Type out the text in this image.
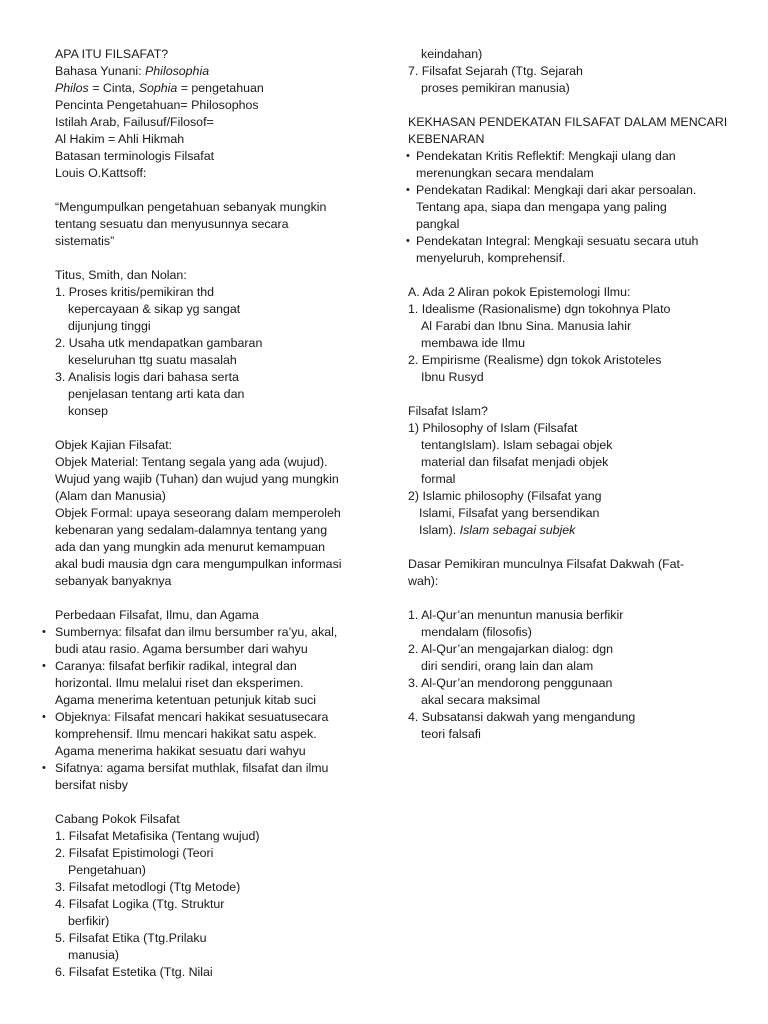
APA ITU FILSAFAT?
Bahasa Yunani: Philosophia
Philos = Cinta, Sophia = pengetahuan
Pencinta Pengetahuan= Philosophos
Istilah Arab, Failusuf/Filosof=
Al Hakim = Ahli Hikmah
Batasan terminologis Filsafat
Louis O.Kattsoff:
“Mengumpulkan pengetahuan sebanyak mungkin
tentang sesuatu dan menyusunnya secara
sistematis”
Titus, Smith, dan Nolan:
1. Proses kritis/pemikiran thd
kepercayaan & sikap yg sangat
dijunjung tinggi
2. Usaha utk mendapatkan gambaran
keseluruhan ttg suatu masalah
3. Analisis logis dari bahasa serta
penjelasan tentang arti kata dan
konsep
Objek Kajian Filsafat:
Objek Material: Tentang segala yang ada (wujud).
Wujud yang wajib (Tuhan) dan wujud yang mungkin
(Alam dan Manusia)
Objek Formal: upaya seseorang dalam memperoleh
kebenaran yang sedalam-dalamnya tentang yang
ada dan yang mungkin ada menurut kemampuan
akal budi mausia dgn cara mengumpulkan informasi
sebanyak banyaknya
Perbedaan Filsafat, Ilmu, dan Agama
• Sumbernya: filsafat dan ilmu bersumber ra’yu, akal,
budi atau rasio. Agama bersumber dari wahyu
• Caranya: filsafat berfikir radikal, integral dan
horizontal. Ilmu melalui riset dan eksperimen.
Agama menerima ketentuan petunjuk kitab suci
• Objeknya: Filsafat mencari hakikat sesuatusecara
komprehensif. Ilmu mencari hakikat satu aspek.
Agama menerima hakikat sesuatu dari wahyu
• Sifatnya: agama bersifat muthlak, filsafat dan ilmu
bersifat nisby
Cabang Pokok Filsafat
1. Filsafat Metafisika (Tentang wujud)
2. Filsafat Epistimologi (Teori
Pengetahuan)
3. Filsafat metodlogi (Ttg Metode)
4. Filsafat Logika (Ttg. Struktur
berfikir)
5. Filsafat Etika (Ttg.Prilaku
manusia)
6. Filsafat Estetika (Ttg. Nilai
keindahan)
7. Filsafat Sejarah (Ttg. Sejarah
proses pemikiran manusia)
KEKHASAN PENDEKATAN FILSAFAT DALAM MENCARI
KEBENARAN
• Pendekatan Kritis Reflektif: Mengkaji ulang dan
merenungkan secara mendalam
• Pendekatan Radikal: Mengkaji dari akar persoalan.
Tentang apa, siapa dan mengapa yang paling
pangkal
• Pendekatan Integral: Mengkaji sesuatu secara utuh
menyeluruh, komprehensif.
A. Ada 2 Aliran pokok Epistemologi Ilmu:
1. Idealisme (Rasionalisme) dgn tokohnya Plato
Al Farabi dan Ibnu Sina. Manusia lahir
membawa ide Ilmu
2. Empirisme (Realisme) dgn tokok Aristoteles
Ibnu Rusyd
Filsafat Islam?
1) Philosophy of Islam (Filsafat
tentangIslam). Islam sebagai objek
material dan filsafat menjadi objek
formal
2) Islamic philosophy (Filsafat yang
Islami, Filsafat yang bersendikan
Islam). Islam sebagai subjek
Dasar Pemikiran munculnya Filsafat Dakwah (Fat-
wah):
1. Al-Qur’an menuntun manusia berfikir
mendalam (filosofis)
2. Al-Qur’an mengajarkan dialog: dgn
diri sendiri, orang lain dan alam
3. Al-Qur’an mendorong penggunaan
akal secara maksimal
4. Subsatansi dakwah yang mengandung
teori falsafi
